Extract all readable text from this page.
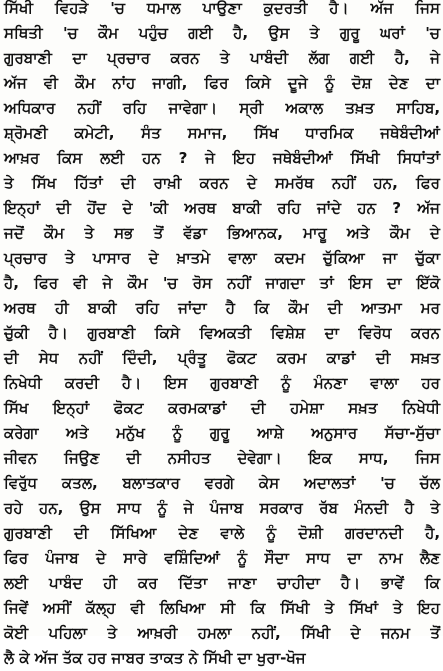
ਸਿੱਖੀ ਵਿਹੜੇ 'ਚ ਧਮਾਲ ਪਾਉਣਾ ਕੁਦਰਤੀ ਹੈ। ਅੱਜ ਜਿਸ
ਸਥਿਤੀ 'ਚ ਕੌਮ ਪਹੁੰਚ ਗਈ ਹੈ, ਉਸ ਤੇ ਗੁਰੂ ਘਰਾਂ 'ਚ
ਗੁਰਬਾਣੀ ਦਾ ਪ੍ਰਚਾਰ ਕਰਨ ਤੇ ਪਾਬੰਦੀ ਲੱਗ ਗਈ ਹੈ, ਜੇ
ਅੱਜ ਵੀ ਕੌਮ ਨਾਂਹ ਜਾਗੀ, ਫਿਰ ਕਿਸੇ ਦੂਜੇ ਨੂੰ ਦੋਸ਼ ਦੇਣ ਦਾ
ਅਧਿਕਾਰ ਨਹੀਂ ਰਹਿ ਜਾਵੇਗਾ। ਸ੍ਰੀ ਅਕਾਲ ਤਖ਼ਤ ਸਾਹਿਬ,
ਸ਼੍ਰੋਮਣੀ ਕਮੇਟੀ, ਸੰਤ ਸਮਾਜ, ਸਿੱਖ ਧਾਰਮਿਕ ਜਥੇਬੰਦੀਆਂ
ਆਖ਼ਰ ਕਿਸ ਲਈ ਹਨ ? ਜੇ ਇਹ ਜਥੇਬੰਦੀਆਂ ਸਿੱਖੀ ਸਿਧਾਂਤਾਂ
ਤੇ ਸਿੱਖ ਹਿੱਤਾਂ ਦੀ ਰਾਖ਼ੀ ਕਰਨ ਦੇ ਸਮਰੱਥ ਨਹੀਂ ਹਨ, ਫਿਰ
ਇਨ੍ਹਾਂ ਦੀ ਹੋਂਦ ਦੇ 'ਕੀ ਅਰਥ ਬਾਕੀ ਰਹਿ ਜਾਂਦੇ ਹਨ ? ਅੱਜ
ਜਦੋਂ ਕੌਮ ਤੇ ਸਭ ਤੋਂ ਵੱਡਾ ਭਿਆਨਕ, ਮਾਰੂ ਅਤੇ ਕੌਮ ਦੇ
ਪ੍ਰਚਾਰ ਤੇ ਪਾਸਾਰ ਦੇ ਖ਼ਾਤਮੇ ਵਾਲਾ ਕਦਮ ਚੁੱਕਿਆ ਜਾ ਚੁੱਕਾ
ਹੈ, ਫਿਰ ਵੀ ਜੇ ਕੌਮ 'ਚ ਰੋਸ ਨਹੀਂ ਜਾਗਦਾ ਤਾਂ ਇਸ ਦਾ ਇੱਕੋ
ਅਰਥ ਹੀ ਬਾਕੀ ਰਹਿ ਜਾਂਦਾ ਹੈ ਕਿ ਕੌਮ ਦੀ ਆਤਮਾ ਮਰ
ਚੁੱਕੀ ਹੈ। ਗੁਰਬਾਣੀ ਕਿਸੇ ਵਿਅਕਤੀ ਵਿਸ਼ੇਸ਼ ਦਾ ਵਿਰੋਧ ਕਰਨ
ਦੀ ਸੇਧ ਨਹੀਂ ਦਿੰਦੀ, ਪ੍ਰੰਤੂ ਫੋਕਟ ਕਰਮ ਕਾਡਾਂ ਦੀ ਸਖ਼ਤ
ਨਿਖੇਧੀ ਕਰਦੀ ਹੈ। ਇਸ ਗੁਰਬਾਣੀ ਨੂੰ ਮੰਨਣਾ ਵਾਲਾ ਹਰ
ਸਿੱਖ ਇਨ੍ਹਾਂ ਫੋਕਟ ਕਰਮਕਾਡਾਂ ਦੀ ਹਮੇਸ਼ਾ ਸਖ਼ਤ ਨਿਖੇਧੀ
ਕਰੇਗਾ ਅਤੇ ਮਨੁੱਖ ਨੂੰ ਗੁਰੂ ਆਸ਼ੇ ਅਨੁਸਾਰ ਸੱਚਾ-ਸੁੱਚਾ
ਜੀਵਨ ਜਿਉਣ ਦੀ ਨਸੀਹਤ ਦੇਵੇਗਾ। ਇਕ ਸਾਧ, ਜਿਸ
ਵਿਰੁੱਧ ਕਤਲ, ਬਲਾਤਕਾਰ ਵਰਗੇ ਕੇਸ ਅਦਾਲਤਾਂ 'ਚ ਚੱਲ
ਰਹੇ ਹਨ, ਉਸ ਸਾਧ ਨੂੰ ਜੇ ਪੰਜਾਬ ਸਰਕਾਰ ਰੱਬ ਮੰਨਦੀ ਹੈ ਤੇ
ਗੁਰਬਾਣੀ ਦੀ ਸਿੱਖਿਆ ਦੇਣ ਵਾਲੇ ਨੂੰ ਦੋਸ਼ੀ ਗਰਦਾਨਦੀ ਹੈ,
ਫਿਰ ਪੰਜਾਬ ਦੇ ਸਾਰੇ ਵਸ਼ਿੰਦਿਆਂ ਨੂੰ ਸੌਦਾ ਸਾਧ ਦਾ ਨਾਮ ਲੈਣ
ਲਈ ਪਾਬੰਦ ਹੀ ਕਰ ਦਿੱਤਾ ਜਾਣਾ ਚਾਹੀਦਾ ਹੈ। ਭਾਵੇਂ ਕਿ
ਜਿਵੇਂ ਅਸੀਂ ਕੱਲ੍ਹ ਵੀ ਲਿਖਿਆ ਸੀ ਕਿ ਸਿੱਖੀ ਤੇ ਸਿੱਖਾਂ ਤੇ ਇਹ
ਕੋਈ ਪਹਿਲਾ ਤੇ ਆਖ਼ਰੀ ਹਮਲਾ ਨਹੀਂ, ਸਿੱਖੀ ਦੇ ਜਨਮ ਤੋਂ
ਲੈ ਕੇ ਅੱਜ ਤੱਕ ਹਰ ਜਾਬਰ ਤਾਕਤ ਨੇ ਸਿੱਖੀ ਦਾ ਖੁਰਾ-ਖੋਜ
